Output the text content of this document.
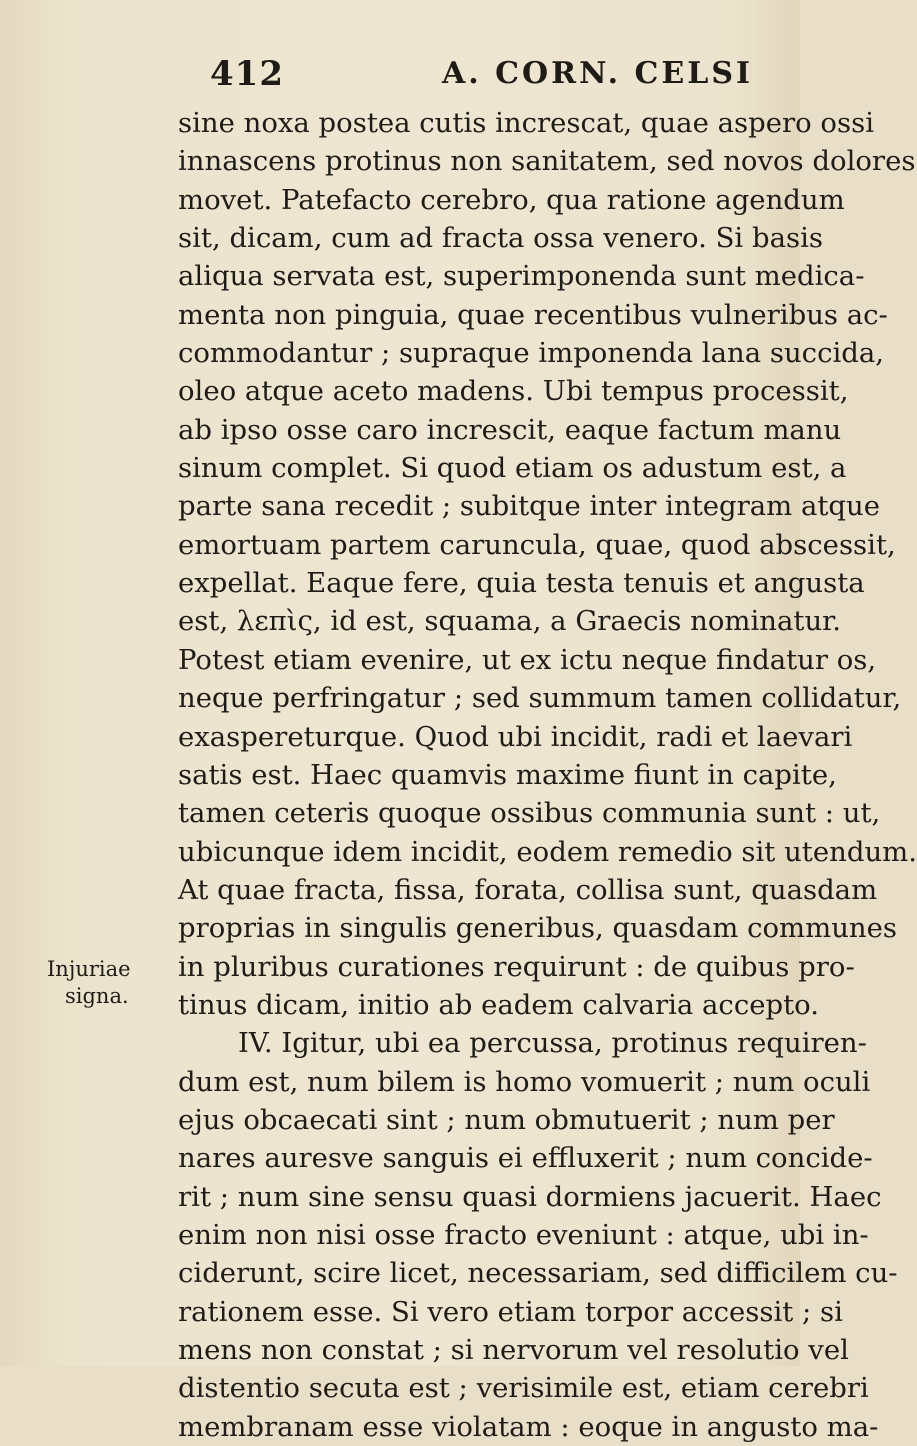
412	A. CORN. CELSI
Injuriae
signa.
sine noxa postea cutis increscat, quae aspero ossi
innascens protinus non sanitatem, sed novos dolores
movet. Patefacto cerebro, qua ratione agendum
sit, dicam, cum ad fracta ossa venero. Si basis
aliqua servata est, superimponenda sunt medica-
menta non pinguia, quae recentibus vulneribus ac-
commodantur ; supraque imponenda lana succida,
oleo atque aceto madens. Ubi tempus processit,
ab ipso osse caro increscit, eaque factum manu
sinum complet. Si quod etiam os adustum est, a
parte sana recedit ; subitque inter integram atque
emortuam partem caruncula, quae, quod abscessit,
expellat. Eaque fere, quia testa tenuis et angusta
est, λεπὶς, id est, squama, a Graecis nominatur.
Potest etiam evenire, ut ex ictu neque findatur os,
neque perfringatur ; sed summum tamen collidatur,
exaspereturque. Quod ubi incidit, radi et laevari
satis est. Haec quamvis maxime fiunt in capite,
tamen ceteris quoque ossibus communia sunt : ut,
ubicunque idem incidit, eodem remedio sit utendum.
At quae fracta, fissa, forata, collisa sunt, quasdam
proprias in singulis generibus, quasdam communes
in pluribus curationes requirunt : de quibus pro-
tinus dicam, initio ab eadem calvaria accepto.
IV. Igitur, ubi ea percussa, protinus requiren-
dum est, num bilem is homo vomuerit ; num oculi
ejus obcaecati sint ; num obmutuerit ; num per
nares auresve sanguis ei effluxerit ; num concide-
rit ; num sine sensu quasi dormiens jacuerit. Haec
enim non nisi osse fracto eveniunt : atque, ubi in-
ciderunt, scire licet, necessariam, sed difficilem cu-
rationem esse. Si vero etiam torpor accessit ; si
mens non constat ; si nervorum vel resolutio vel
distentio secuta est ; verisimile est, etiam cerebri
membranam esse violatam : eoque in angusto ma-
